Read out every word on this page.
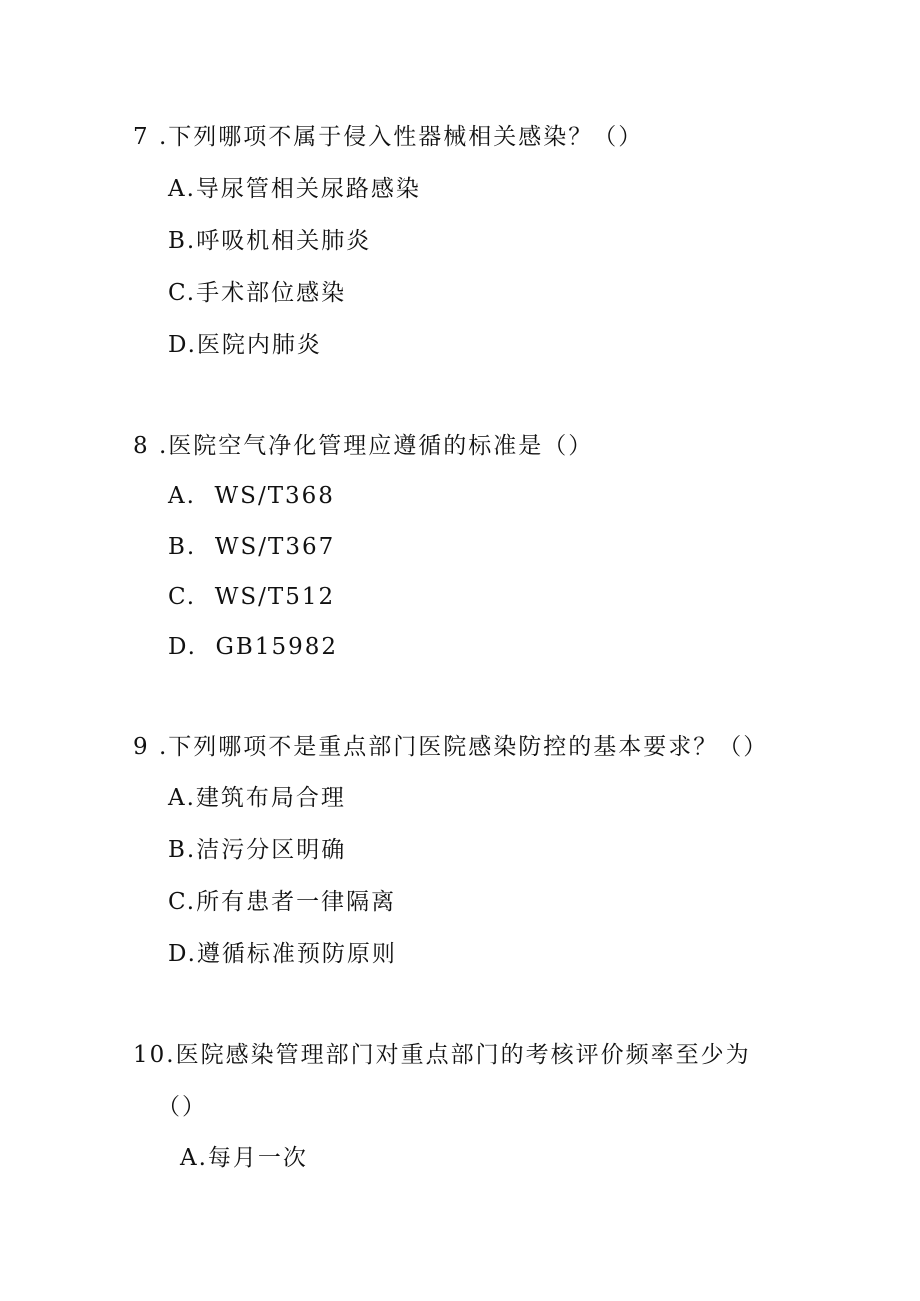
7 .下列哪项不属于侵入性器械相关感染？（）
A.导尿管相关尿路感染
B.呼吸机相关肺炎
C.手术部位感染
D.医院内肺炎
8 .医院空气净化管理应遵循的标准是（）
A.  WS/T368
B.  WS/T367
C.  WS/T512
D.  GB15982
9 .下列哪项不是重点部门医院感染防控的基本要求？（）
A.建筑布局合理
B.洁污分区明确
C.所有患者一律隔离
D.遵循标准预防原则
10.医院感染管理部门对重点部门的考核评价频率至少为
（）
A.每月一次
